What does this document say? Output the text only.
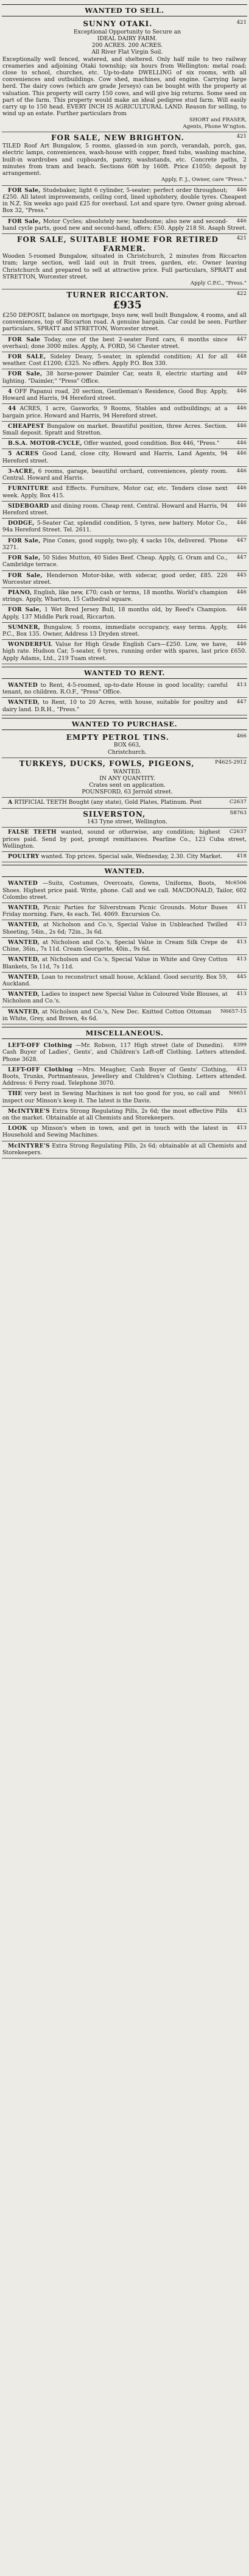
WANTED TO SELL.
421
SUNNY OTAKI.
Exceptional Opportunity to Secure an
IDEAL DAIRY FARM.
200 ACRES. 200 ACRES.
All River Flat Virgin Soil.
Exceptionally well fenced, watered, and sheltered. Only half mile to two railway creameries and adjoining Otaki township; six hours from Wellington: metal road; close to school, churches, etc. Up-to-date DWELLING of six rooms, with all conveniences and outbuildings. Cow shed, machines, and engine. Carrying large herd. The dairy cows (which are grade Jerseys) can be bought with the property at valuation. This property will carry 150 cows, and will give big returns. Some seed on part of the farm. This property would make an ideal pedigree stud farm. Will easily carry up to 150 head. EVERY INCH IS AGRICULTURAL LAND. Reason for selling, to wind up an estate. Further particulars from
SHORT and FRASER,
Agents, Phone W'ngton.
421
FOR SALE, NEW BRIGHTON.
TILED Roof Art Bungalow, 5 rooms, glassed-in sun porch, verandah, porch, gas, electric lamps, conveniences, wash-house with copper, fixed tubs, washing machine, built-in wardrobes and cupboards, pantry, washstands, etc. Concrete paths, 2 minutes from tram and beach. Sections 60ft by 160ft. Price £1050; deposit by arrangement.
Apply, F. J., Owner, care "Press."
446
FOR Sale, Studebaker, light 6 cylinder, 5-seater; perfect order throughout; £250. All latest improvements, ceiling cord, lined upholstery, double tyres. Cheapest in N.Z. Six weeks ago paid £25 for overhaul. Lot and spare tyre. Owner going abroad. Box 32, "Press."
446
FOR Sale, Motor Cycles; absolutely new; handsome; also new and second-hand cycle parts, good new and second-hand, offers; £50. Apply 218 St. Asaph Street.
421
FOR SALE, SUITABLE HOME FOR RETIRED FARMER.
Wooden 5-roomed Bungalow, situated in Christchurch, 2 minutes from Riccarton tram; large section, well laid out in fruit trees, garden, etc. Owner leaving Christchurch and prepared to sell at attractive price. Full particulars, SPRATT and STRETTON, Worcester street.
Apply C.P.C., "Press."
422
TURNER RICCARTON.
£935
£250 DEPOSIT, balance on mortgage, buys new, well built Bungalow, 4 rooms, and all conveniences, top of Riccarton road. A genuine bargain. Car could be seen. Further particulars, SPRATT and STRETTON, Worcester street.
447
FOR Sale Today, one of the best 2-seater Ford cars, 6 months since overhaul; done 3000 miles. Apply, A. FORD, 56 Chester street.
448
FOR SALE, Sideley Deasy, 5-seater, in splendid condition; A1 for all weather. Cost £1200; £325. No offers. Apply P.O. Box 330.
449
FOR Sale, 38 horse-power Daimler Car, seats 8, electric starting and lighting. "Daimler," "Press" Office.
446
4 OFF Papanui road, 20 section, Gentleman's Residence, Good Buy. Apply, Howard and Harris, 94 Hereford street.
446
44 ACRES, 1 acre, Gasworks, 9 Rooms, Stables and outbuildings; at a bargain price. Howard and Harris, 94 Hereford street.
446
CHEAPEST Bungalow on market. Beautiful position, three Acres. Section. Small deposit. Spratt and Stretton.
446
B.S.A. MOTOR-CYCLE, Offer wanted, good condition. Box 446, "Press."
446
5 ACRES Good Land, close city, Howard and Harris, Land Agents, 94 Hereford street.
446
3-ACRE, 6 rooms, garage, beautiful orchard, conveniences, plenty room. Central. Howard and Harris.
446
FURNITURE and Effects. Furniture, Motor car, etc. Tenders close next week. Apply, Box 415.
446
SIDEBOARD and dining room. Cheap rent. Central. Howard and Harris, 94 Hereford street.
446
DODGE, 5-Seater Car, splendid condition, 5 tyres, new battery. Motor Co., 94a Hereford Street. Tel. 2611.
447
FOR Sale, Pine Cones, good supply, two-ply, 4 sacks 10s, delivered. 'Phone 3271.
447
FOR Sale, 50 Sides Mutton, 40 Sides Beef. Cheap. Apply, G. Oram and Co., Cambridge terrace.
445
FOR Sale, Henderson Motor-bike, with sidecar, good order, £85. 226 Worcester street.
446
PIANO, English, like new, £70; cash or terms, 18 months. World's champion strings. Apply, Wharton, 15 Cathedral square.
448
FOR Sale, 1 Wet Bred Jersey Bull, 18 months old, by Reed's Champion. Apply, 137 Middle Park road, Riccarton.
446
SUMNER, Bungalow, 5 rooms, immediate occupancy, easy terms. Apply, P.C., Box 135. Owner, Address 13 Dryden street.
446
WONDERFUL Value for High Grade English Cars—£250. Low, we have, high rate. Hudson Car, 5-seater, 6 tyres, running order with spares, last price £650. Apply Adams, Ltd., 219 Tuam street.
WANTED TO RENT.
413
WANTED to Rent, 4-5-roomed, up-to-date House in good locality; careful tenant, no children. R.O.F., "Press" Office.
447
WANTED, to Rent, 10 to 20 Acres, with house, suitable for poultry and dairy land. D.R.H., "Press."
WANTED TO PURCHASE.
466
EMPTY PETROL TINS.
BOX 663,
Christchurch.
P4625-2912
TURKEYS, DUCKS, FOWLS, PIGEONS,
WANTED.
IN ANY QUANTITY.
Crates sent on application.
POUNSFORD, 63 Jerrold street.
C2637
A RTIFICIAL TEETH Bought (any state), Gold Plates, Platinum. Post
S8763
SILVERSTON,
143 Tyne street, Wellington.
C2637
FALSE TEETH wanted, sound or otherwise, any condition; highest prices paid. Send by post, prompt remittances. Pearline Co., 123 Cuba street, Wellington.
418
POULTRY wanted. Top prices. Special sale, Wednesday, 2.30. City Market.
WANTED.
Mc6506
WANTED —Suits, Costumes, Overcoats, Gowns, Uniforms, Boots, Shoes. Highest price paid. Write, phone. Call and we call. MACDONALD, Tailor, 602 Colombo street.
411
WANTED, Picnic Parties for Silverstream Picnic Grounds. Motor Buses Friday morning. Fare, 4s each. Tel. 4069. Excursion Co.
413
WANTED, at Nicholson and Co.'s, Special Value in Unbleached Twilled Sheeting, 54in., 2s 6d; 72in., 3s 6d.
413
WANTED, at Nicholson and Co.'s, Special Value in Cream Silk Crepe de Chine, 36in., 7s 11d. Cream Georgette, 40in., 9s 6d.
413
WANTED, at Nicholson and Co.'s, Special Value in White and Grey Cotton Blankets, 5s 11d, 7s 11d.
445
WANTED, Loan to reconstruct small house, Ackland. Good security. Box 59, Auckland.
413
WANTED, Ladies to inspect new Special Value in Coloured Voile Blouses, at Nicholson and Co.'s.
N6657-15
WANTED, at Nicholson and Co.'s, New Dec. Knitted Cotton Ottoman in White, Grey, and Brown, 4s 6d.
MISCELLANEOUS.
8399
LEFT-OFF Clothing —Mr. Robson, 117 High street (late of Dunedin). Cash Buyer of Ladies', Gents', and Children's Left-off Clothing. Letters attended. Phone 3628.
413
LEFT-OFF Clothing —Mrs. Meagher, Cash Buyer of Gents' Clothing, Boots, Trunks, Portmanteaus, Jewellery and Children's Clothing. Letters attended. Address: 6 Ferry road. Telephone 3070.
N6651
THE very best in Sewing Machines is not too good for you, so call and inspect our Minson's keep it. The latest is the Davis.
413
McINTYRE'S Extra Strong Regulating Pills, 2s 6d; the most effective Pills on the market. Obtainable at all Chemists and Storekeepers.
413
LOOK up Minson's when in town, and get in touch with the latest in Household and Sewing Machines.
McINTYRE'S Extra Strong Regulating Pills, 2s 6d; obtainable at all Chemists and Storekeepers.
